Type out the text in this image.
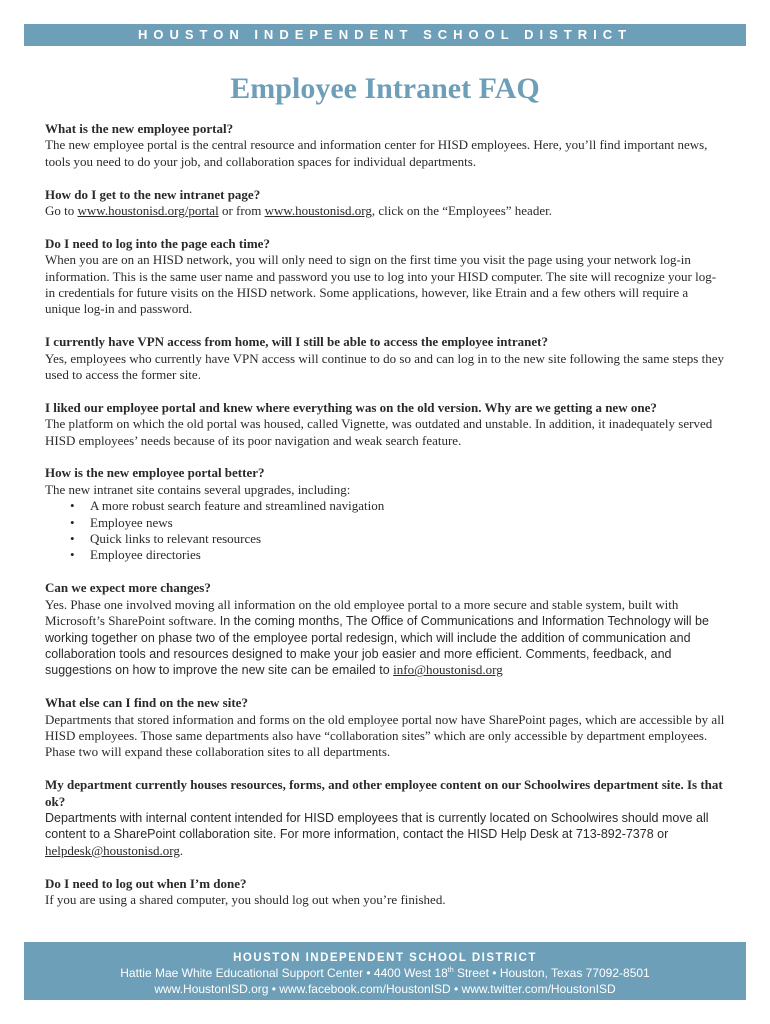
HOUSTON INDEPENDENT SCHOOL DISTRICT
Employee Intranet FAQ

What is the new employee portal?

The new employee portal is the central resource and information center for HISD employees. Here, you’ll find important news, tools you need to do your job, and collaboration spaces for individual departments.

How do I get to the new intranet page?

Go to www.houstonisd.org/portal or from www.houstonisd.org, click on the “Employees” header.

Do I need to log into the page each time?

When you are on an HISD network, you will only need to sign on the first time you visit the page using your network log-in information. This is the same user name and password you use to log into your HISD computer. The site will recognize your log-in credentials for future visits on the HISD network. Some applications, however, like Etrain and a few others will require a unique log-in and password.

I currently have VPN access from home, will I still be able to access the employee intranet?

Yes, employees who currently have VPN access will continue to do so and can log in to the new site following the same steps they used to access the former site.

I liked our employee portal and knew where everything was on the old version. Why are we getting a new one?

The platform on which the old portal was housed, called Vignette, was outdated and unstable. In addition, it inadequately served HISD employees’ needs because of its poor navigation and weak search feature.

How is the new employee portal better?

The new intranet site contains several upgrades, including:

• A more robust search feature and streamlined navigation
• Employee news
• Quick links to relevant resources
• Employee directories

Can we expect more changes?

Yes. Phase one involved moving all information on the old employee portal to a more secure and stable system, built with Microsoft’s SharePoint software. In the coming months, The Office of Communications and Information Technology will be working together on phase two of the employee portal redesign, which will include the addition of communication and collaboration tools and resources designed to make your job easier and more efficient. Comments, feedback, and suggestions on how to improve the new site can be emailed to info@houstonisd.org

What else can I find on the new site?

Departments that stored information and forms on the old employee portal now have SharePoint pages, which are accessible by all HISD employees. Those same departments also have “collaboration sites” which are only accessible by department employees. Phase two will expand these collaboration sites to all departments.

My department currently houses resources, forms, and other employee content on our Schoolwires department site. Is that ok?

Departments with internal content intended for HISD employees that is currently located on Schoolwires should move all content to a SharePoint collaboration site. For more information, contact the HISD Help Desk at 713-892-7378 or helpdesk@houstonisd.org.

Do I need to log out when I’m done?

If you are using a shared computer, you should log out when you’re finished.

HOUSTON INDEPENDENT SCHOOL DISTRICT
Hattie Mae White Educational Support Center • 4400 West 18th Street • Houston, Texas 77092-8501
www.HoustonISD.org • www.facebook.com/HoustonISD • www.twitter.com/HoustonISD
